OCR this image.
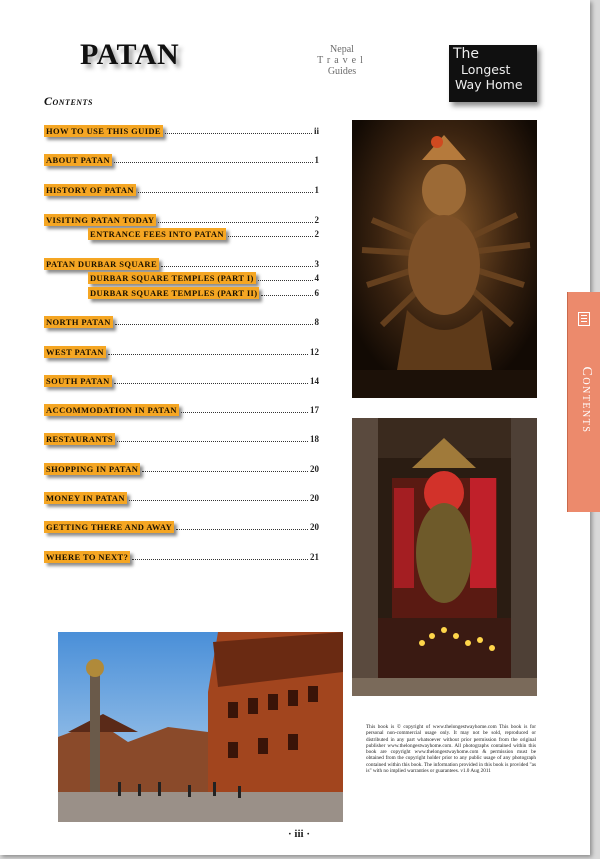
PATAN	Nepal
Travel
Guides
The
Longest
Way Home
Contents
HOW TO USE THIS GUIDE	ii
ABOUT PATAN	1
HISTORY OF PATAN	1
VISITING PATAN TODAY	2
ENTRANCE FEES INTO PATAN	2
PATAN DURBAR SQUARE	3
DURBAR SQUARE TEMPLES (PART I)	4
DURBAR SQUARE TEMPLES (PART II)	6
NORTH PATAN	8
WEST PATAN	12
SOUTH PATAN	14
ACCOMMODATION IN PATAN	17
RESTAURANTS	18
SHOPPING IN PATAN	20
MONEY IN PATAN	20
GETTING THERE AND AWAY	20
WHERE TO NEXT?	21
This book is © copyright of www.thelongestwayhome.com This book is for personal non-commercial usage only. It may not be sold, reproduced or distributed in any part whatsoever without prior permission from the original publisher www.thelongestwayhome.com. All photographs contained within this book are copyright www.thelongestwayhome.com & permission must be obtained from the copyright holder prior to any public usage of any photograph contained within this book. The information provided in this book is provided "as is" with no implied warranties or guarantees. v1.0 Aug 2011
· iii ·
Contents
